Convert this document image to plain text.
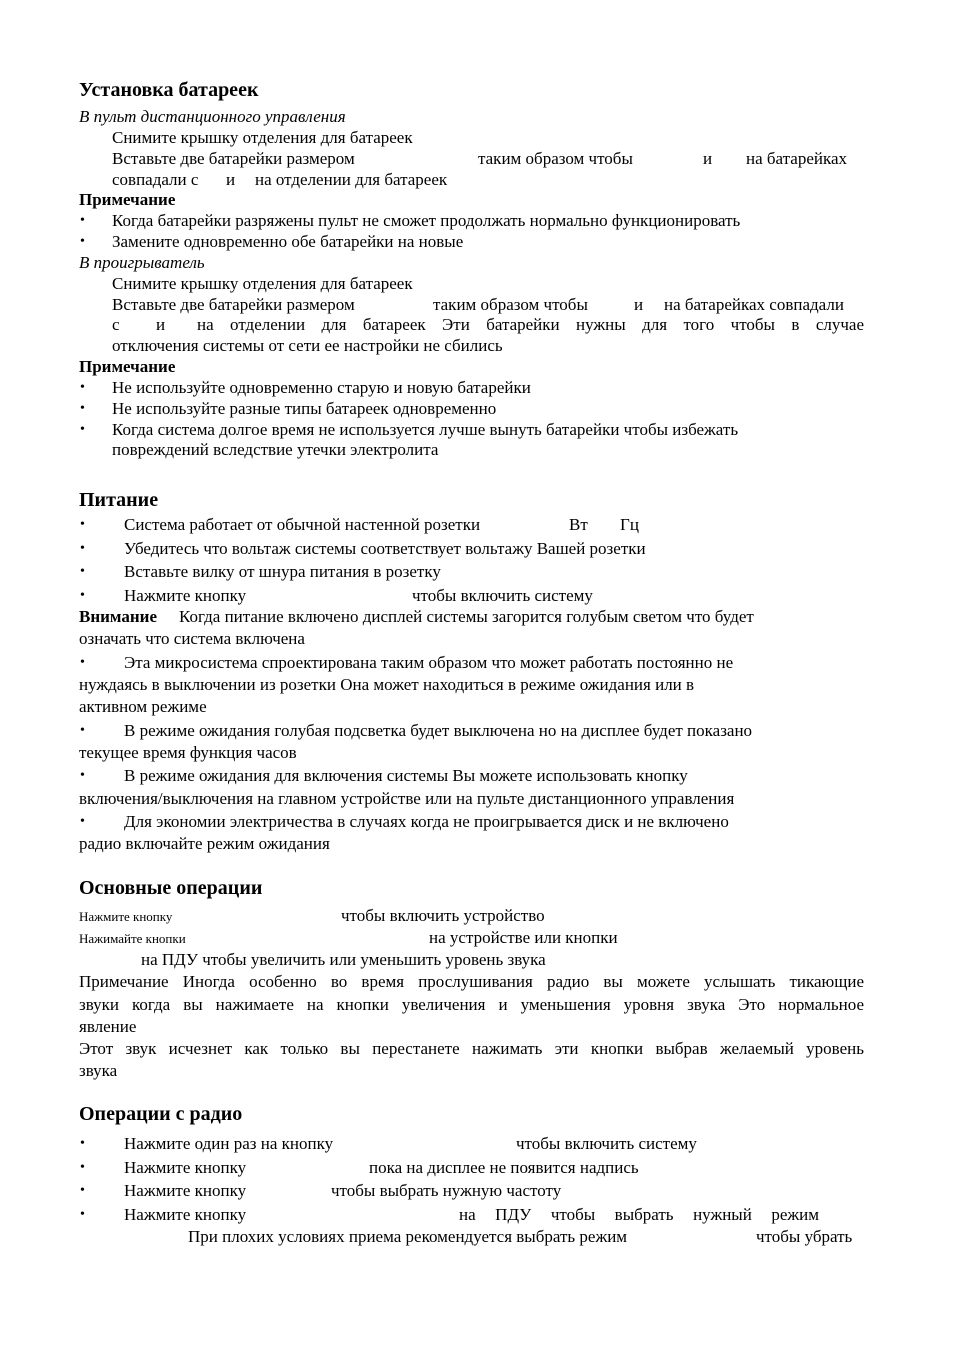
Установка батареек
В пульт дистанционного управления
Снимите крышку отделения для батареек
Вставьте две батарейки размером	таким образом чтобы	и на батарейках
совпадали с и на отделении для батареек
Примечание
• Когда батарейки разряжены пульт не сможет продолжать нормально функционировать
• Замените одновременно обе батарейки на новые
В проигрыватель
Снимите крышку отделения для батареек
Вставьте две батарейки размером	таким образом чтобы	и на батарейках совпадали
с и на отделении для батареек Эти батарейки нужны для того чтобы в случае
отключения системы от сети ее настройки не сбились
Примечание
• Не используйте одновременно старую и новую батарейки
• Не используйте разные типы батареек одновременно
• Когда система долгое время не используется лучше вынуть батарейки чтобы избежать
повреждений вследствие утечки электролита
Питание
• Система работает от обычной настенной розетки	Вт Гц
• Убедитесь что вольтаж системы соответствует вольтажу Вашей розетки
• Вставьте вилку от шнура питания в розетку
• Нажмите кнопку	чтобы включить систему
Внимание Когда питание включено дисплей системы загорится голубым светом что будет
означать что система включена
• Эта микросистема спроектирована таким образом что может работать постоянно не
нуждаясь в выключении из розетки Она может находиться в режиме ожидания или в
активном режиме
• В режиме ожидания голубая подсветка будет выключена но на дисплее будет показано
текущее время функция часов
• В режиме ожидания для включения системы Вы можете использовать кнопку
включения/выключения на главном устройстве или на пульте дистанционного управления
• Для экономии электричества в случаях когда не проигрывается диск и не включено
радио включайте режим ожидания
Основные операции
Нажмите кнопку	чтобы включить устройство
Нажимайте кнопки	на устройстве или кнопки
на ПДУ чтобы увеличить или уменьшить уровень звука
Примечание Иногда особенно во время прослушивания радио вы можете услышать тикающие
звуки когда вы нажимаете на кнопки увеличения и уменьшения уровня звука Это нормальное
явление
Этот звук исчезнет как только вы перестанете нажимать эти кнопки выбрав желаемый уровень
звука
Операции с радио
• Нажмите один раз на кнопку	чтобы включить систему
• Нажмите кнопку	пока на дисплее не появится надпись
• Нажмите кнопку	чтобы выбрать нужную частоту
• Нажмите кнопку	на ПДУ чтобы выбрать нужный режим
При плохих условиях приема рекомендуется выбрать режим	чтобы убрать
